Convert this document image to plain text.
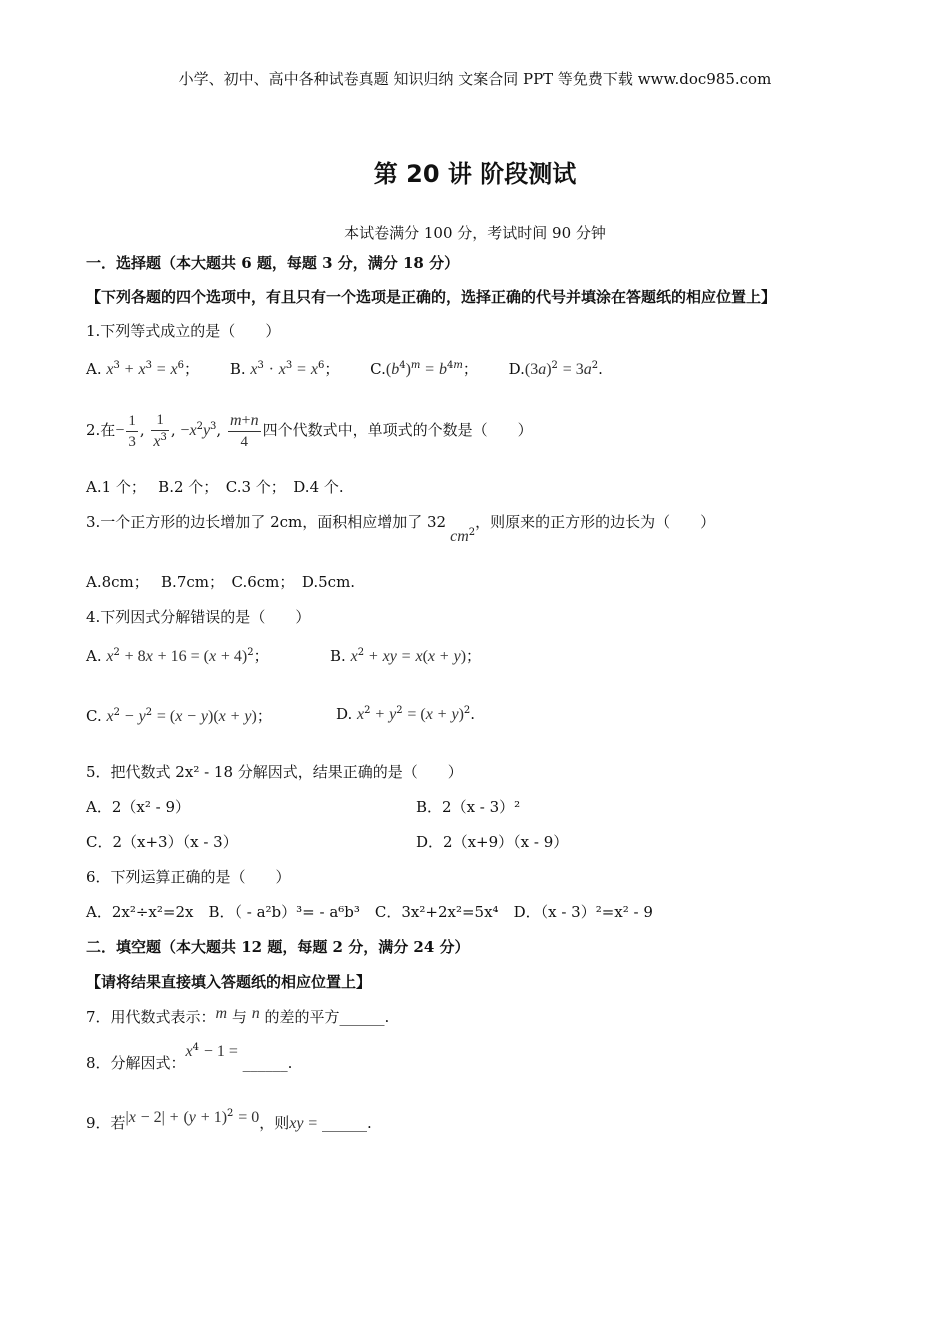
小学、初中、高中各种试卷真题 知识归纳 文案合同 PPT 等免费下载 www.doc985.com
第 20 讲 阶段测试
本试卷满分 100 分，考试时间 90 分钟
一．选择题（本大题共 6 题，每题 3 分，满分 18 分）
【下列各题的四个选项中，有且只有一个选项是正确的，选择正确的代号并填涂在答题纸的相应位置上】
1.下列等式成立的是（　　）
A. $x^3 + x^3 = x^6$； B. $x^3 \cdot x^3 = x^6$； $C.(b^4)^m = b^{4m}$； $D.(3a)^2 = 3a^2$.
2.在− $\frac{1}{3}$ , $\frac{1}{x^3}$ , $-x^2y^3$, $\frac{m+n}{4}$ 四个代数式中，单项式的个数是（　　）
A.1 个；　 B.2 个；　C.3 个；　D.4 个.
3.一个正方形的边长增加了 2cm，面积相应增加了 $32cm^2$，则原来的正方形的边长为（　　）
A.8cm；　 B.7cm；　C.6cm；　D.5cm.
4.下列因式分解错误的是（　　）
A. $x^2 + 8x + 16 = (x + 4)^2$；	B. $x^2$ + xy = x(x + y)；
C. $x^2 - y^2 = (x - y)(x + y)$；	D. $x^2 + y^2 = (x + y)^2$.
5．把代数式 2x² - 18 分解因式，结果正确的是（　　）
A．2（x² - 9）	B．2（x - 3）²
C．2（x+3）（x - 3）	D．2（x+9）（x - 9）
6．下列运算正确的是（　　）
A．2x²÷x²=2x　B．（ - a²b）³= - a⁶b³　C．3x²+2x²=5x⁴　D．（x - 3）²=x² - 9
二．填空题（本大题共 12 题，每题 2 分，满分 24 分）
【请将结果直接填入答题纸的相应位置上】
7．用代数式表示：m 与 n 的差的平方______.
8．分解因式：$x^4 - 1$ = ______.
9．若$|x - 2| + (y + 1)^2 = 0$，则xy = ______.
